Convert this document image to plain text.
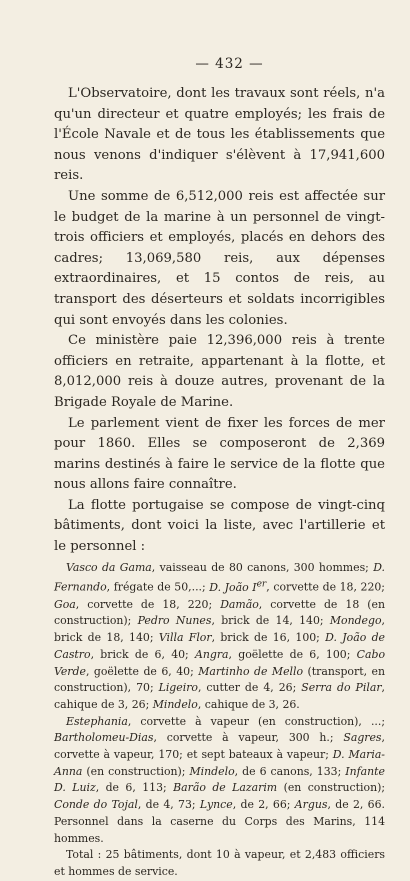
— 432 —

L'Observatoire, dont les travaux sont réels, n'a qu'un directeur et quatre employés; les frais de l'École Navale et de tous les établissements que nous venons d'indiquer s'élèvent à 17,941,600 reis.

Une somme de 6,512,000 reis est affectée sur le budget de la marine à un personnel de vingt-trois officiers et employés, placés en dehors des cadres; 13,069,580 reis, aux dépenses extraordinaires, et 15 contos de reis, au transport des déserteurs et soldats incorrigibles qui sont envoyés dans les colonies.

Ce ministère paie 12,396,000 reis à trente officiers en retraite, appartenant à la flotte, et 8,012,000 reis à douze autres, provenant de la Brigade Royale de Marine.

Le parlement vient de fixer les forces de mer pour 1860. Elles se composeront de 2,369 marins destinés à faire le service de la flotte que nous allons faire connaître.

La flotte portugaise se compose de vingt-cinq bâtiments, dont voici la liste, avec l'artillerie et le personnel :

Vasco da Gama, vaisseau de 80 canons, 300 hommes; D. Fernando, frégate de 50,...; D. João Ier, corvette de 18, 220; Goa, corvette de 18, 220; Damão, corvette de 18 (en construction); Pedro Nunes, brick de 14, 140; Mondego, brick de 18, 140; Villa Flor, brick de 16, 100; D. João de Castro, brick de 6, 40; Angra, goëlette de 6, 100; Cabo Verde, goëlette de 6, 40; Martinho de Mello (transport, en construction), 70; Ligeiro, cutter de 4, 26; Serra do Pilar, cahique de 3, 26; Mindelo, cahique de 3, 26.

Estephania, corvette à vapeur (en construction), ...; Bartholomeu-Dias, corvette à vapeur, 300 h.; Sagres, corvette à vapeur, 170; et sept bateaux à vapeur; D. Maria-Anna (en construction); Mindelo, de 6 canons, 133; Infante D. Luiz, de 6, 113; Barão de Lazarim (en construction); Conde do Tojal, de 4, 73; Lynce, de 2, 66; Argus, de 2, 66. Personnel dans la caserne du Corps des Marins, 114 hommes.

Total : 25 bâtiments, dont 10 à vapeur, et 2,483 officiers et hommes de service.
